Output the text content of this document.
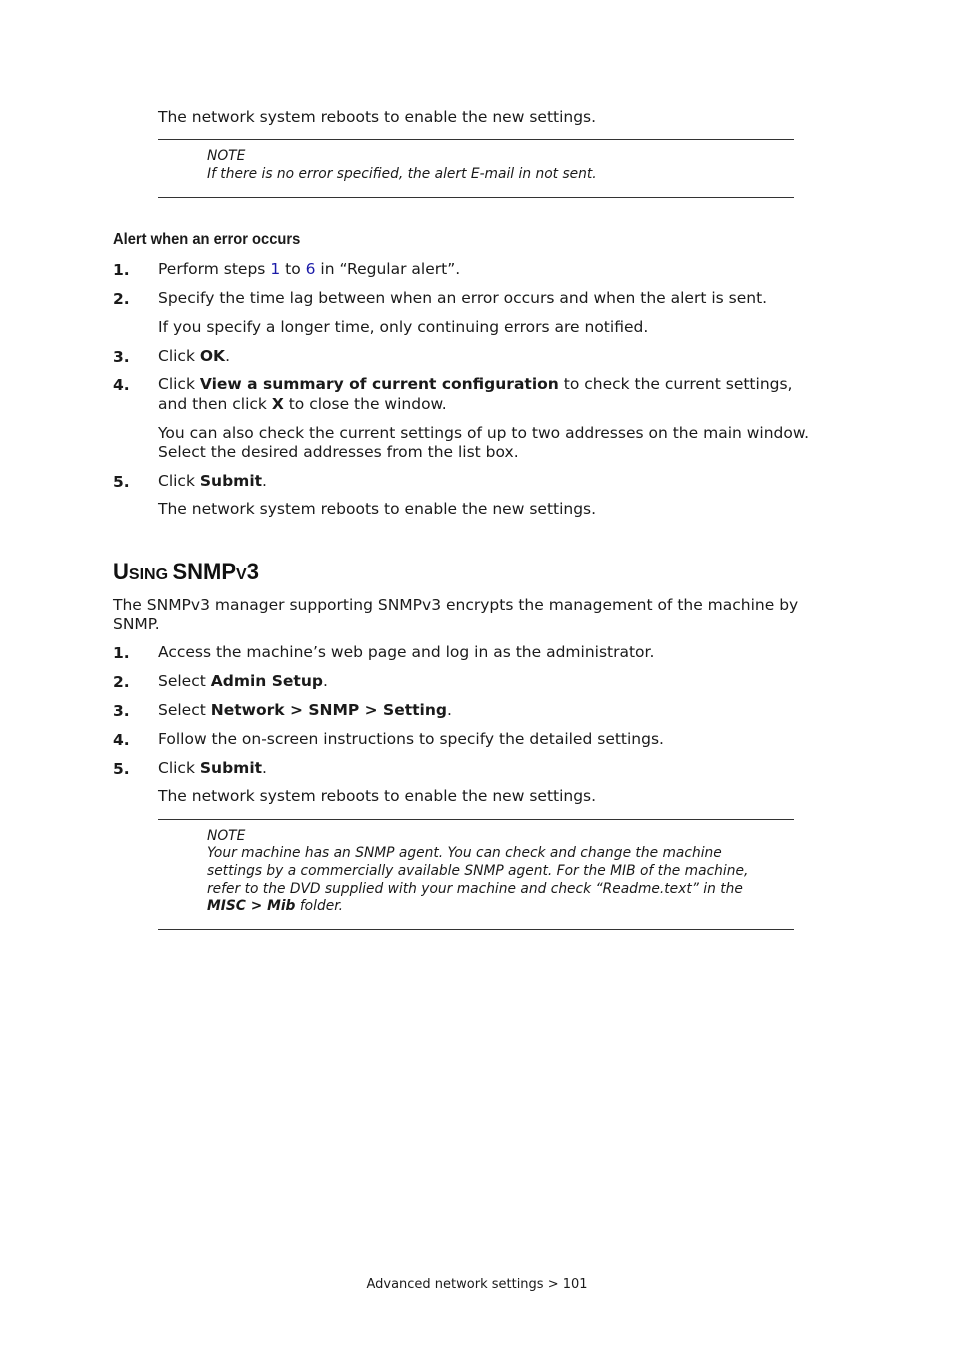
The network system reboots to enable the new settings.
NOTE
If there is no error specified, the alert E-mail in not sent.
Alert when an error occurs
1. Perform steps 1 to 6 in “Regular alert”.
2. Specify the time lag between when an error occurs and when the alert is sent.
If you specify a longer time, only continuing errors are notified.
3. Click OK.
4. Click View a summary of current configuration to check the current settings,
and then click X to close the window.
You can also check the current settings of up to two addresses on the main window.
Select the desired addresses from the list box.
5. Click Submit.
The network system reboots to enable the new settings.
USING SNMPV3
The SNMPv3 manager supporting SNMPv3 encrypts the management of the machine by
SNMP.
1. Access the machine’s web page and log in as the administrator.
2. Select Admin Setup.
3. Select Network > SNMP > Setting.
4. Follow the on-screen instructions to specify the detailed settings.
5. Click Submit.
The network system reboots to enable the new settings.
NOTE
Your machine has an SNMP agent. You can check and change the machine
settings by a commercially available SNMP agent. For the MIB of the machine,
refer to the DVD supplied with your machine and check “Readme.text” in the
MISC > Mib folder.
Advanced network settings > 101
